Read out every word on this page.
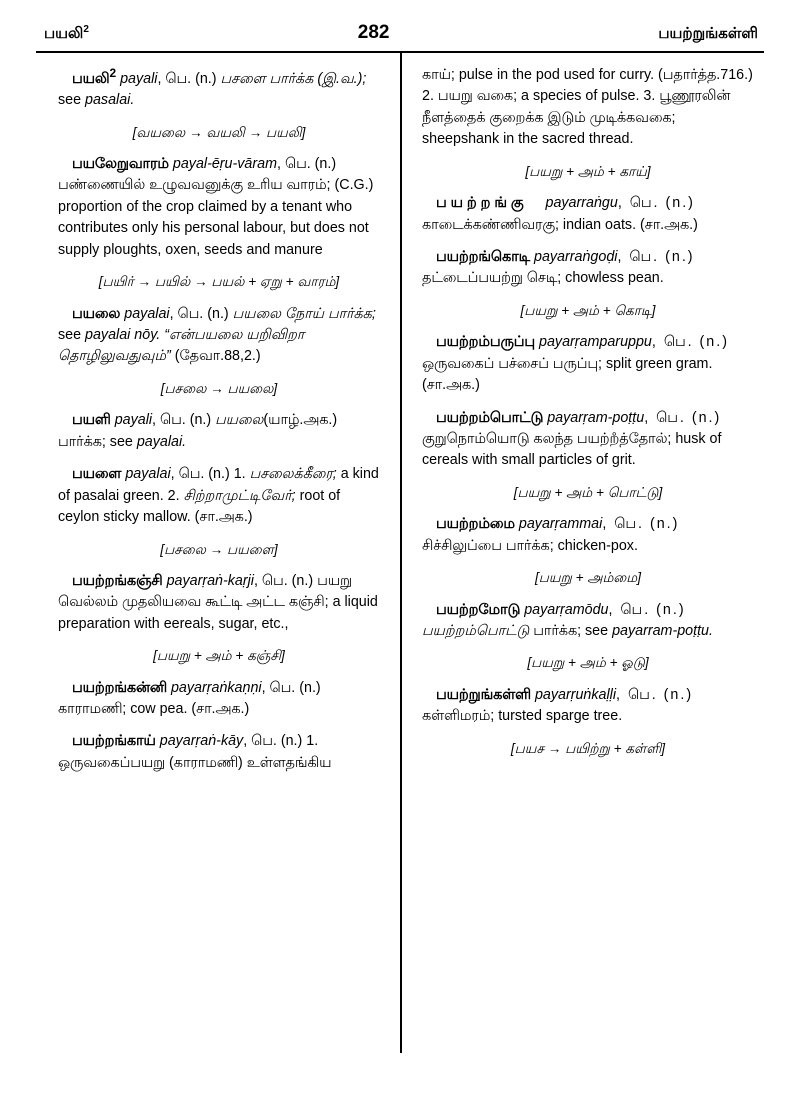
பயலி$^2$	282	பயற்றுங்கள்ளி
பயலி$^2$ payali, பெ. (n.) பசளை பார்க்க (இ.வ.); see pasalai.
[வயலை → வயலி → பயலி]
பயலேறுவாரம் payal-ēṛu-vāram, பெ. (n.) பண்ணையில் உழுவவனுக்கு உரிய வாரம்; (C.G.) proportion of the crop claimed by a tenant who contributes only his personal labour, but does not supply ploughts, oxen, seeds and manure
[பயிர் → பயில் → பயல் + ஏறு + வாரம்]
பயலை payalai, பெ. (n.) பயலை நோய் பார்க்க; see payalai nōy. “என்பயலை யறிவிறா தொழிலுவதுவும்” (தேவா.88,2.)
[பசலை → பயலை]
பயளி payali, பெ. (n.) பயலை(யாழ்.அக.) பார்க்க; see payalai.
பயளை payalai, பெ. (n.) 1. பசலைக்கீரை; a kind of pasalai green. 2. சிற்றாமுட்டிவேர்; root of ceylon sticky mallow. (சா.அக.)
[பசலை → பயளை]
பயற்றங்கஞ்சி payarṛaṅ-kaṛji, பெ. (n.) பயறு வெல்லம் முதலியவை கூட்டி அட்ட கஞ்சி; a liquid preparation with eereals, sugar, etc.,
[பயறு + அம் + கஞ்சி]
பயற்றங்கன்னி payarṛaṅkaṇṇi, பெ. (n.) காராமணி; cow pea. (சா.அக.)
பயற்றங்காய் payarṛaṅ-kāy, பெ. (n.) 1. ஒருவகைப்பயறு (காராமணி) உள்ளதங்கிய
காய்; pulse in the pod used for curry. (பதார்த்த.716.) 2. பயறு வகை; a species of pulse. 3. பூணூரலின் நீளத்தைக் குறைக்க இடும் முடிக்கவகை; sheepshank in the sacred thread.
[பயறு + அம் + காய்]
பயற்றங்கு payarraṅgu, பெ. (n.)
காடைக்கண்ணிவரகு; indian oats. (சா.அக.)
பயற்றங்கொடி payarraṅgoḍi, பெ. (n.)
தட்டைப்பயற்று செடி; chowless pean.
[பயறு + அம் + கொடி]
பயற்றம்பருப்பு payarṛamparuppu, பெ. (n.)
ஒருவகைப் பச்சைப் பருப்பு; split green gram. (சா.அக.)
பயற்றம்பொட்டு payarṛam-poṭṭu, பெ. (n.)
குறுநொம்யொடு கலந்த பயற்றஂத்தோல்; husk of cereals with small particles of grit.
[பயறு + அம் + பொட்டு]
பயற்றம்மை payarṛammai, பெ. (n.)
சிச்சிலுப்பை பார்க்க; chicken-pox.
[பயறு + அம்மை]
பயற்றமோடு payarṛamōdu, பெ. (n.)
பயற்றம்பொட்டு பார்க்க; see payarram-poṭṭu.
[பயறு + அம் + ஓடு]
பயற்றுங்கள்ளி payarṛuṅkaḷḷi, பெ. (n.)
கள்ளிமரம்; tursted sparge tree.
[பயச → பயிற்று + கள்ளி]
